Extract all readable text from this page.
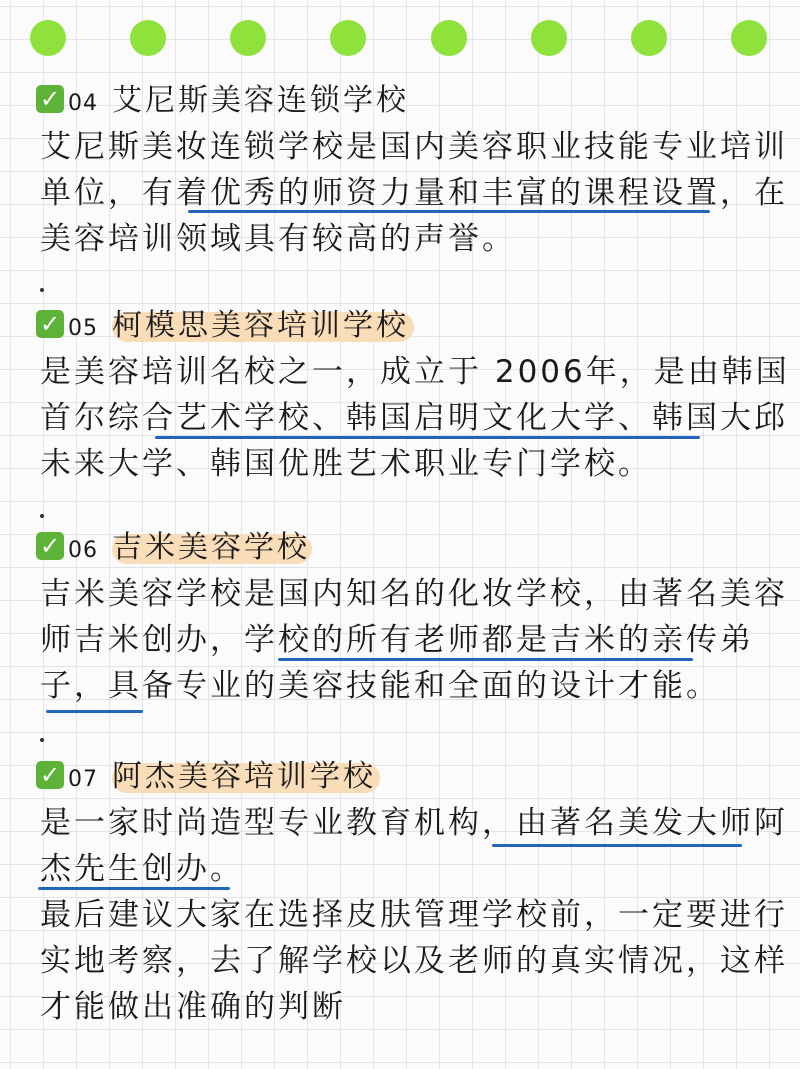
✓ 04 艾尼斯美容连锁学校
艾尼斯美妆连锁学校是国内美容职业技能专业培训
单位，有着优秀的师资力量和丰富的课程设置，在
美容培训领域具有较高的声誉。
✓ 05 柯模思美容培训学校
是美容培训名校之一，成立于 2006年，是由韩国
首尔综合艺术学校、韩国启明文化大学、韩国大邱
未来大学、韩国优胜艺术职业专门学校。
✓ 06 吉米美容学校
吉米美容学校是国内知名的化妆学校，由著名美容
师吉米创办，学校的所有老师都是吉米的亲传弟
子，具备专业的美容技能和全面的设计才能。
✓ 07 阿杰美容培训学校
是一家时尚造型专业教育机构，由著名美发大师阿
杰先生创办。
最后建议大家在选择皮肤管理学校前，一定要进行
实地考察，去了解学校以及老师的真实情况，这样
才能做出准确的判断
